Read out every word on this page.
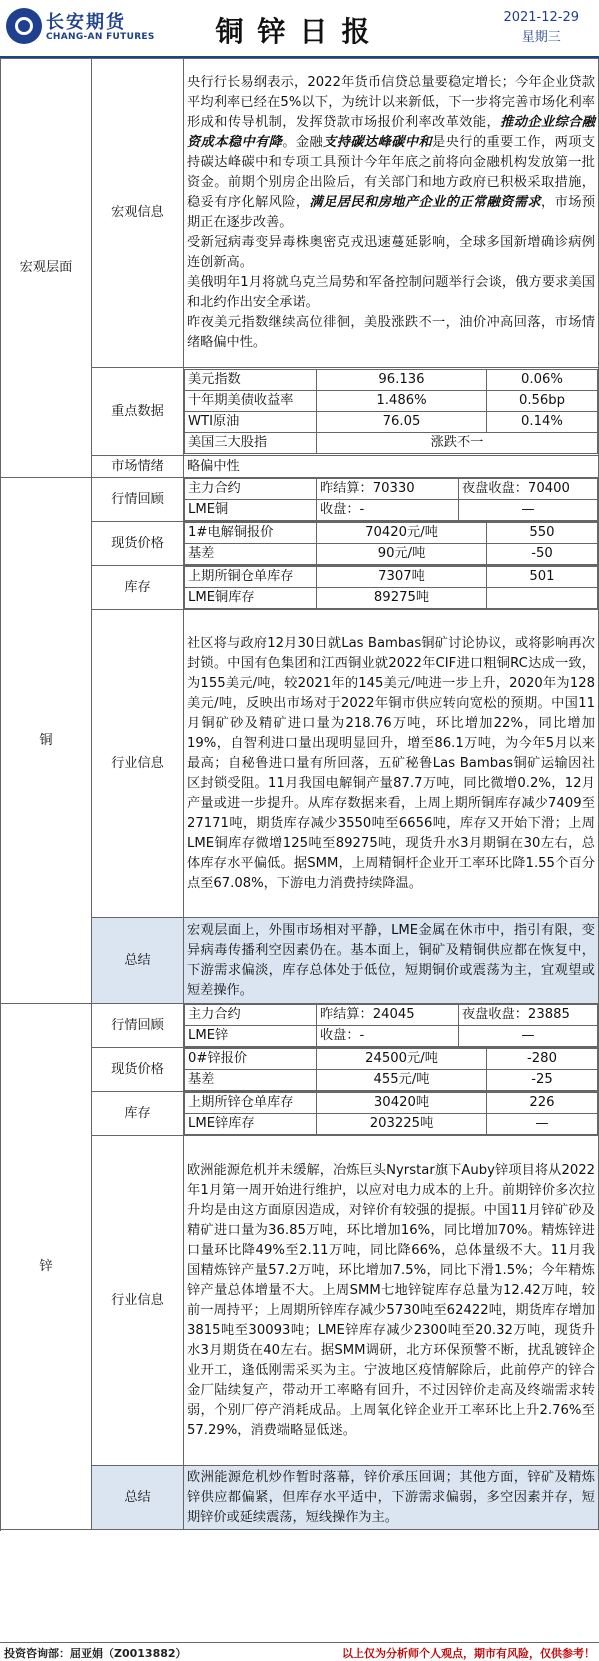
长安期货
CHANG-AN FUTURES	铜锌日报	2021-12-29
星期三
宏观层面	宏观信息	
央行行长易纲表示，2022年货币信贷总量要稳定增长；今年企业贷款平均利率已经在5%以下，为统计以来新低，下一步将完善市场化利率形成和传导机制，发挥贷款市场报价利率改革效能，推动企业综合融资成本稳中有降。金融支持碳达峰碳中和是央行的重要工作，两项支持碳达峰碳中和专项工具预计今年年底之前将向金融机构发放第一批资金。前期个别房企出险后，有关部门和地方政府已积极采取措施，稳妥有序化解风险，满足居民和房地产企业的正常融资需求，市场预期正在逐步改善。
受新冠病毒变异毒株奥密克戎迅速蔓延影响，全球多国新增确诊病例连创新高。
美俄明年1月将就乌克兰局势和军备控制问题举行会谈，俄方要求美国和北约作出安全承诺。
昨夜美元指数继续高位徘徊，美股涨跌不一，油价冲高回落，市场情绪略偏中性。

重点数据	
美元指数	96.136	0.06%
十年期美债收益率	1.486%	0.56bp
WTI原油	76.05	0.14%
美国三大股指	涨跌不一

市场情绪	略偏中性
铜	行情回顾	
主力合约	昨结算：70330	夜盘收盘：70400
LME铜	收盘：-	—

现货价格	
1#电解铜报价	70420元/吨	550
基差	90元/吨	-50

库存	
上期所铜仓单库存	7307吨	501
LME铜库存	89275吨	

行业信息	社区将与政府12月30日就Las Bambas铜矿讨论协议，或将影响再次封锁。中国有色集团和江西铜业就2022年CIF进口粗铜RC达成一致，为155美元/吨，较2021年的145美元/吨进一步上升，2020年为128美元/吨，反映出市场对于2022年铜市供应转向宽松的预期。中国11月铜矿砂及精矿进口量为218.76万吨，环比增加22%，同比增加19%，自智利进口量出现明显回升，增至86.1万吨，为今年5月以来最高；自秘鲁进口量有所回落，五矿秘鲁Las Bambas铜矿运输因社区封锁受阻。11月我国电解铜产量87.7万吨，同比微增0.2%，12月产量或进一步提升。从库存数据来看，上周上期所铜库存减少7409至27171吨，期货库存减少3550吨至6656吨，库存又开始下滑；上周LME铜库存微增125吨至89275吨，现货升水3月期铜在30左右，总体库存水平偏低。据SMM，上周精铜杆企业开工率环比降1.55个百分点至67.08%，下游电力消费持续降温。
总结	宏观层面上，外围市场相对平静，LME金属在休市中，指引有限，变异病毒传播利空因素仍在。基本面上，铜矿及精铜供应都在恢复中，下游需求偏淡，库存总体处于低位，短期铜价或震荡为主，宜观望或短差操作。

锌	行情回顾	
主力合约	昨结算：24045	夜盘收盘：23885
LME锌	收盘：-	—

现货价格	
0#锌报价	24500元/吨	-280
基差	455元/吨	-25

库存	
上期所锌仓单库存	30420吨	226
LME锌库存	203225吨	—

行业信息	欧洲能源危机并未缓解，冶炼巨头Nyrstar旗下Auby锌项目将从2022年1月第一周开始进行维护，以应对电力成本的上升。前期锌价多次拉升均是由这方面原因造成，对锌价有较强的提振。中国11月锌矿砂及精矿进口量为36.85万吨，环比增加16%，同比增加70%。精炼锌进口量环比降49%至2.11万吨，同比降66%，总体量级不大。11月我国精炼锌产量57.2万吨，环比增加7.5%，同比下滑1.5%；今年精炼锌产量总体增量不大。上周SMM七地锌锭库存总量为12.42万吨，较前一周持平；上周期所锌库存减少5730吨至62422吨，期货库存增加3815吨至30093吨；LME锌库存减少2300吨至20.32万吨，现货升水3月期货在40左右。据SMM调研，北方环保预警不断，扰乱镀锌企业开工，逢低刚需采买为主。宁波地区疫情解除后，此前停产的锌合金厂陆续复产，带动开工率略有回升，不过因锌价走高及终端需求转弱，个别厂停产消耗成品。上周氧化锌企业开工率环比上升2.76%至57.29%，消费端略显低迷。
总结	欧洲能源危机炒作暂时落幕，锌价承压回调；其他方面，锌矿及精炼锌供应都偏紧，但库存水平适中，下游需求偏弱，多空因素并存，短期锌价或延续震荡，短线操作为主。

投资咨询部：屈亚娟（Z0013882）	以上仅为分析师个人观点，期市有风险，仅供参考！
